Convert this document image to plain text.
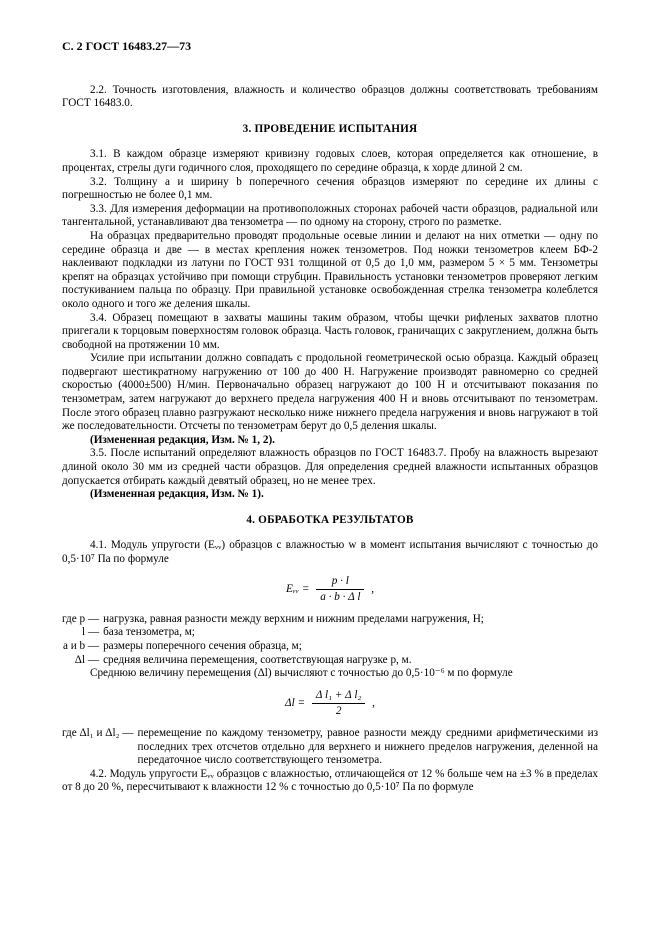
С. 2 ГОСТ 16483.27—73

2.2. Точность изготовления, влажность и количество образцов должны соответствовать требованиям ГОСТ 16483.0.

3. ПРОВЕДЕНИЕ ИСПЫТАНИЯ

3.1. В каждом образце измеряют кривизну годовых слоев, которая определяется как отношение, в процентах, стрелы дуги годичного слоя, проходящего по середине образца, к хорде длиной 2 см.

3.2. Толщину a и ширину b поперечного сечения образцов измеряют по середине их длины с погрешностью не более 0,1 мм.

3.3. Для измерения деформации на противоположных сторонах рабочей части образцов, радиальной или тангентальной, устанавливают два тензометра — по одному на сторону, строго по разметке.

На образцах предварительно проводят продольные осевые линии и делают на них отметки — одну по середине образца и две — в местах крепления ножек тензометров. Под ножки тензометров клеем БФ-2 наклеивают подкладки из латуни по ГОСТ 931 толщиной от 0,5 до 1,0 мм, размером 5 × 5 мм. Тензометры крепят на образцах устойчиво при помощи струбцин. Правильность установки тензометров проверяют легким постукиванием пальца по образцу. При правильной установке освобожденная стрелка тензометра колеблется около одного и того же деления шкалы.

3.4. Образец помещают в захваты машины таким образом, чтобы щечки рифленых захватов плотно пригегали к торцовым поверхностям головок образца. Часть головок, граничащих с закруглением, должна быть свободной на протяжении 10 мм.

Усилие при испытании должно совпадать с продольной геометрической осью образца. Каждый образец подвергают шестикратному нагружению от 100 до 400 Н. Нагружение производят равномерно со средней скоростью (4000±500) Н/мин. Первоначально образец нагружают до 100 Н и отсчитывают показания по тензометрам, затем нагружают до верхнего предела нагружения 400 Н и вновь отсчитывают по тензометрам. После этого образец плавно разгружают несколько ниже нижнего предела нагружения и вновь нагружают в той же последовательности. Отсчеты по тензометрам берут до 0,5 деления шкалы.

(Измененная редакция, Изм. № 1, 2).

3.5. После испытаний определяют влажность образцов по ГОСТ 16483.7. Пробу на влажность вырезают длиной около 30 мм из средней части образцов. Для определения средней влажности испытанных образцов допускается отбирать каждый девятый образец, но не менее трех.

(Измененная редакция, Изм. № 1).

4. ОБРАБОТКА РЕЗУЛЬТАТОВ

4.1. Модуль упругости (Eᵥᵥ) образцов с влажностью w в момент испытания вычисляют с точностью до 0,5·10⁷ Па по формуле

Eᵥᵥ = $\frac{p \cdot l}{\text{a · b · Δ l}}$ ,
где p — нагрузка, равная разности между верхним и нижним пределами нагружения, Н;
l — база тензометра, м;
a и b — размеры поперечного сечения образца, м;
Δl — средняя величина перемещения, соответствующая нагрузке p, м.

Среднюю величину перемещения (Δl) вычисляют с точностью до 0,5·10⁻⁶ м по формуле

$\Delta l = \frac{\text{Δ l₁ + Δ l₂}}{2}$ ,
где Δl₁ и Δl₂ — перемещение по каждому тензометру, равное разности между средними арифметическими из последних трех отсчетов отдельно для верхнего и нижнего пределов нагружения, деленной на передаточное число соответствующего тензометра.

4.2. Модуль упругости Eᵥᵥ образцов с влажностью, отличающейся от 12 % больше чем на ±3 % в пределах от 8 до 20 %, пересчитывают к влажности 12 % с точностью до 0,5·10⁷ Па по формуле
